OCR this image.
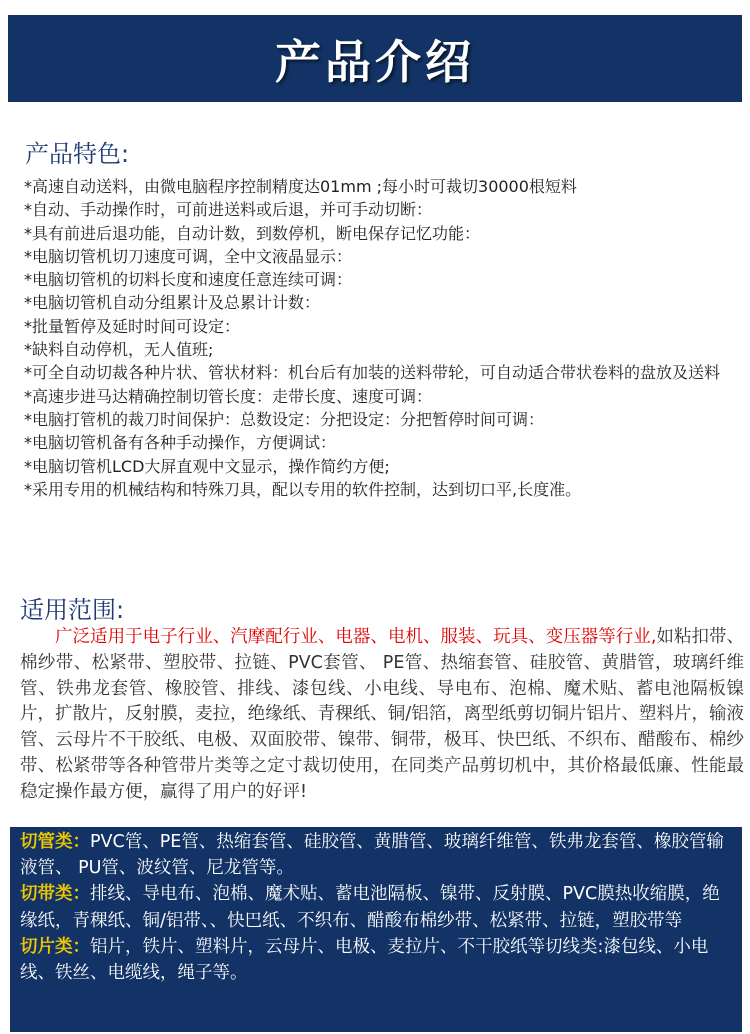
产品介绍
产品特色:
*高速自动送料，由微电脑程序控制精度达01mm ;每小时可裁切30000根短料
*自动、手动操作时，可前进送料或后退，并可手动切断：
*具有前进后退功能，自动计数，到数停机，断电保存记忆功能：
*电脑切管机切刀速度可调，全中文液晶显示：
*电脑切管机的切料长度和速度任意连续可调：
*电脑切管机自动分组累计及总累计计数：
*批量暂停及延时时间可设定：
*缺料自动停机，无人值班;
*可全自动切裁各种片状、管状材料：机台后有加装的送料带轮，可自动适合带状卷料的盘放及送料
*高速步进马达精确控制切管长度：走带长度、速度可调：
*电脑打管机的裁刀时间保护：总数设定：分把设定：分把暂停时间可调：
*电脑切管机备有各种手动操作，方便调试：
*电脑切管机LCD大屏直观中文显示，操作简约方便;
*采用专用的机械结构和特殊刀具，配以专用的软件控制，达到切口平,长度准。
适用范围:

广泛适用于电子行业、汽摩配行业、电器、电机、服装、玩具、变压器等行业,如粘扣带、棉纱带、松紧带、塑胶带、拉链、PVC套管、 PE管、热缩套管、硅胶管、黄腊管，玻璃纤维管、铁弗龙套管、橡胶管、排线、漆包线、小电线、导电布、泡棉、魔术贴、蓄电池隔板镍片，扩散片，反射膜，麦拉，绝缘纸、青稞纸、铜/铝箔，离型纸剪切铜片铝片、塑料片，输液管、云母片不干胶纸、电极、双面胶带、镍带、铜带，极耳、快巴纸、不织布、醋酸布、棉纱带、松紧带等各种管带片类等之定寸裁切使用，在同类产品剪切机中，其价格最低廉、性能最稳定操作最方便，赢得了用户的好评!

切管类：PVC管、PE管、热缩套管、硅胶管、黄腊管、玻璃纤维管、铁弗龙套管、橡胶管输液管、 PU管、波纹管、尼龙管等。

切带类：排线、导电布、泡棉、魔术贴、蓄电池隔板、镍带、反射膜、PVC膜热收缩膜，绝缘纸，青稞纸、铜/铝带、、快巴纸、不织布、醋酸布棉纱带、松紧带、拉链，塑胶带等

切片类：铝片，铁片、塑料片，云母片、电极、麦拉片、不干胶纸等切线类:漆包线、小电线、铁丝、电缆线，绳子等。
